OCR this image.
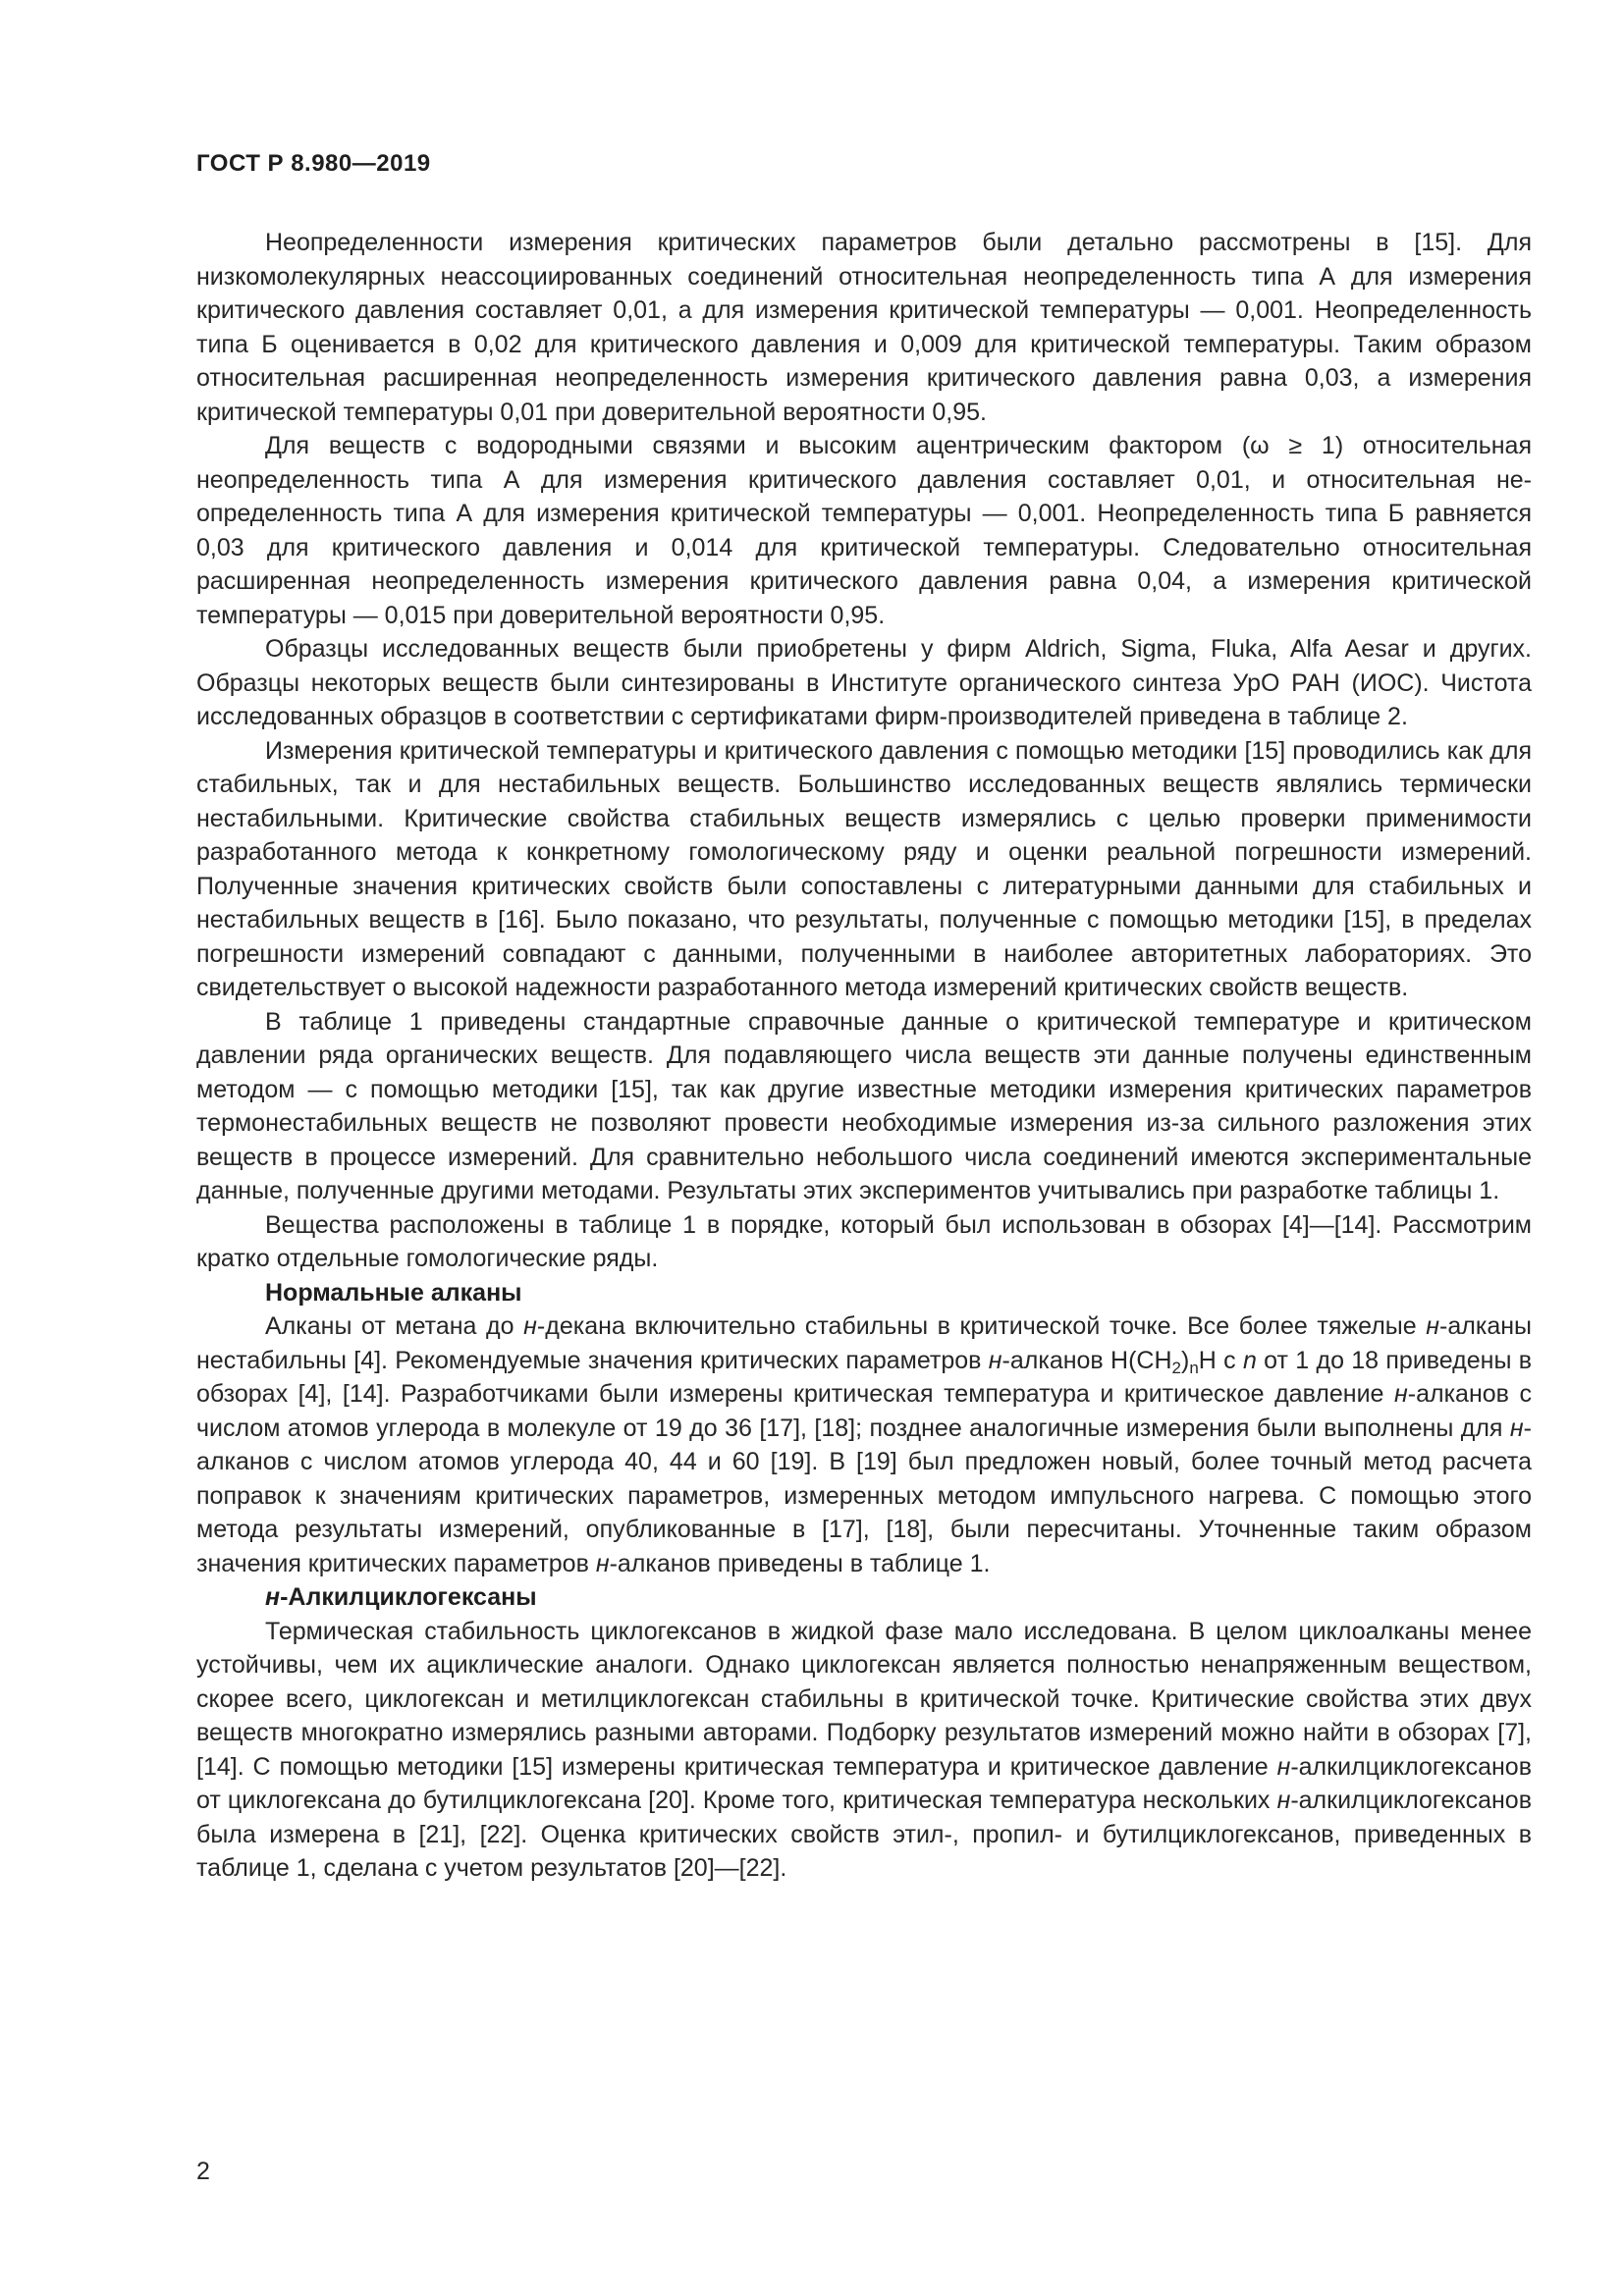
ГОСТ Р 8.980—2019

Неопределенности измерения критических параметров были детально рассмотрены в [15]. Для низкомолекулярных неассоциированных соединений относительная неопределенность типа А для измерения критического давления составляет 0,01, а для измерения критической температуры — 0,001. Неопределенность типа Б оценивается в 0,02 для критического давления и 0,009 для критической температуры. Таким образом относительная расширенная неопределенность измерения критического давления равна 0,03, а измерения критической температуры 0,01 при доверительной вероятности 0,95.

Для веществ с водородными связями и высоким ацентрическим фактором (ω ≥ 1) относительная неопределенность типа А для измерения критического давления составляет 0,01, и относительная неопределенность типа А для измерения критической температуры — 0,001. Неопределенность типа Б равняется 0,03 для критического давления и 0,014 для критической температуры. Следовательно относительная расширенная неопределенность измерения критического давления равна 0,04, а измерения критической температуры — 0,015 при доверительной вероятности 0,95.

Образцы исследованных веществ были приобретены у фирм Aldrich, Sigma, Fluka, Alfa Aesar и других. Образцы некоторых веществ были синтезированы в Институте органического синтеза УрО РАН (ИОС). Чистота исследованных образцов в соответствии с сертификатами фирм-производителей приведена в таблице 2.

Измерения критической температуры и критического давления с помощью методики [15] проводились как для стабильных, так и для нестабильных веществ. Большинство исследованных веществ являлись термически нестабильными. Критические свойства стабильных веществ измерялись с целью проверки применимости разработанного метода к конкретному гомологическому ряду и оценки реальной погрешности измерений. Полученные значения критических свойств были сопоставлены с литературными данными для стабильных и нестабильных веществ в [16]. Было показано, что результаты, полученные с помощью методики [15], в пределах погрешности измерений совпадают с данными, полученными в наиболее авторитетных лабораториях. Это свидетельствует о высокой надежности разработанного метода измерений критических свойств веществ.

В таблице 1 приведены стандартные справочные данные о критической температуре и критическом давлении ряда органических веществ. Для подавляющего числа веществ эти данные получены единственным методом — с помощью методики [15], так как другие известные методики измерения критических параметров термонестабильных веществ не позволяют провести необходимые измерения из-за сильного разложения этих веществ в процессе измерений. Для сравнительно небольшого числа соединений имеются экспериментальные данные, полученные другими методами. Результаты этих экспериментов учитывались при разработке таблицы 1.

Вещества расположены в таблице 1 в порядке, который был использован в обзорах [4]—[14]. Рассмотрим кратко отдельные гомологические ряды.

Нормальные алканы

Алканы от метана до н-декана включительно стабильны в критической точке. Все более тяжелые н-алканы нестабильны [4]. Рекомендуемые значения критических параметров н-алканов $H(CH_2)_nH$ с n от 1 до 18 приведены в обзорах [4], [14]. Разработчиками были измерены критическая температура и критическое давление н-алканов с числом атомов углерода в молекуле от 19 до 36 [17], [18]; позднее аналогичные измерения были выполнены для н-алканов с числом атомов углерода 40, 44 и 60 [19]. В [19] был предложен новый, более точный метод расчета поправок к значениям критических параметров, измеренных методом импульсного нагрева. С помощью этого метода результаты измерений, опубликованные в [17], [18], были пересчитаны. Уточненные таким образом значения критических параметров н-алканов приведены в таблице 1.

н-Алкилциклогексаны

Термическая стабильность циклогексанов в жидкой фазе мало исследована. В целом циклоалканы менее устойчивы, чем их ациклические аналоги. Однако циклогексан является полностью ненапряженным веществом, скорее всего, циклогексан и метилциклогексан стабильны в критической точке. Критические свойства этих двух веществ многократно измерялись разными авторами. Подборку результатов измерений можно найти в обзорах [7], [14]. С помощью методики [15] измерены критическая температура и критическое давление н-алкилциклогексанов от циклогексана до бутилциклогексана [20]. Кроме того, критическая температура нескольких н-алкилциклогексанов была измерена в [21], [22]. Оценка критических свойств этил-, пропил- и бутилциклогексанов, приведенных в таблице 1, сделана с учетом результатов [20]—[22].

2
